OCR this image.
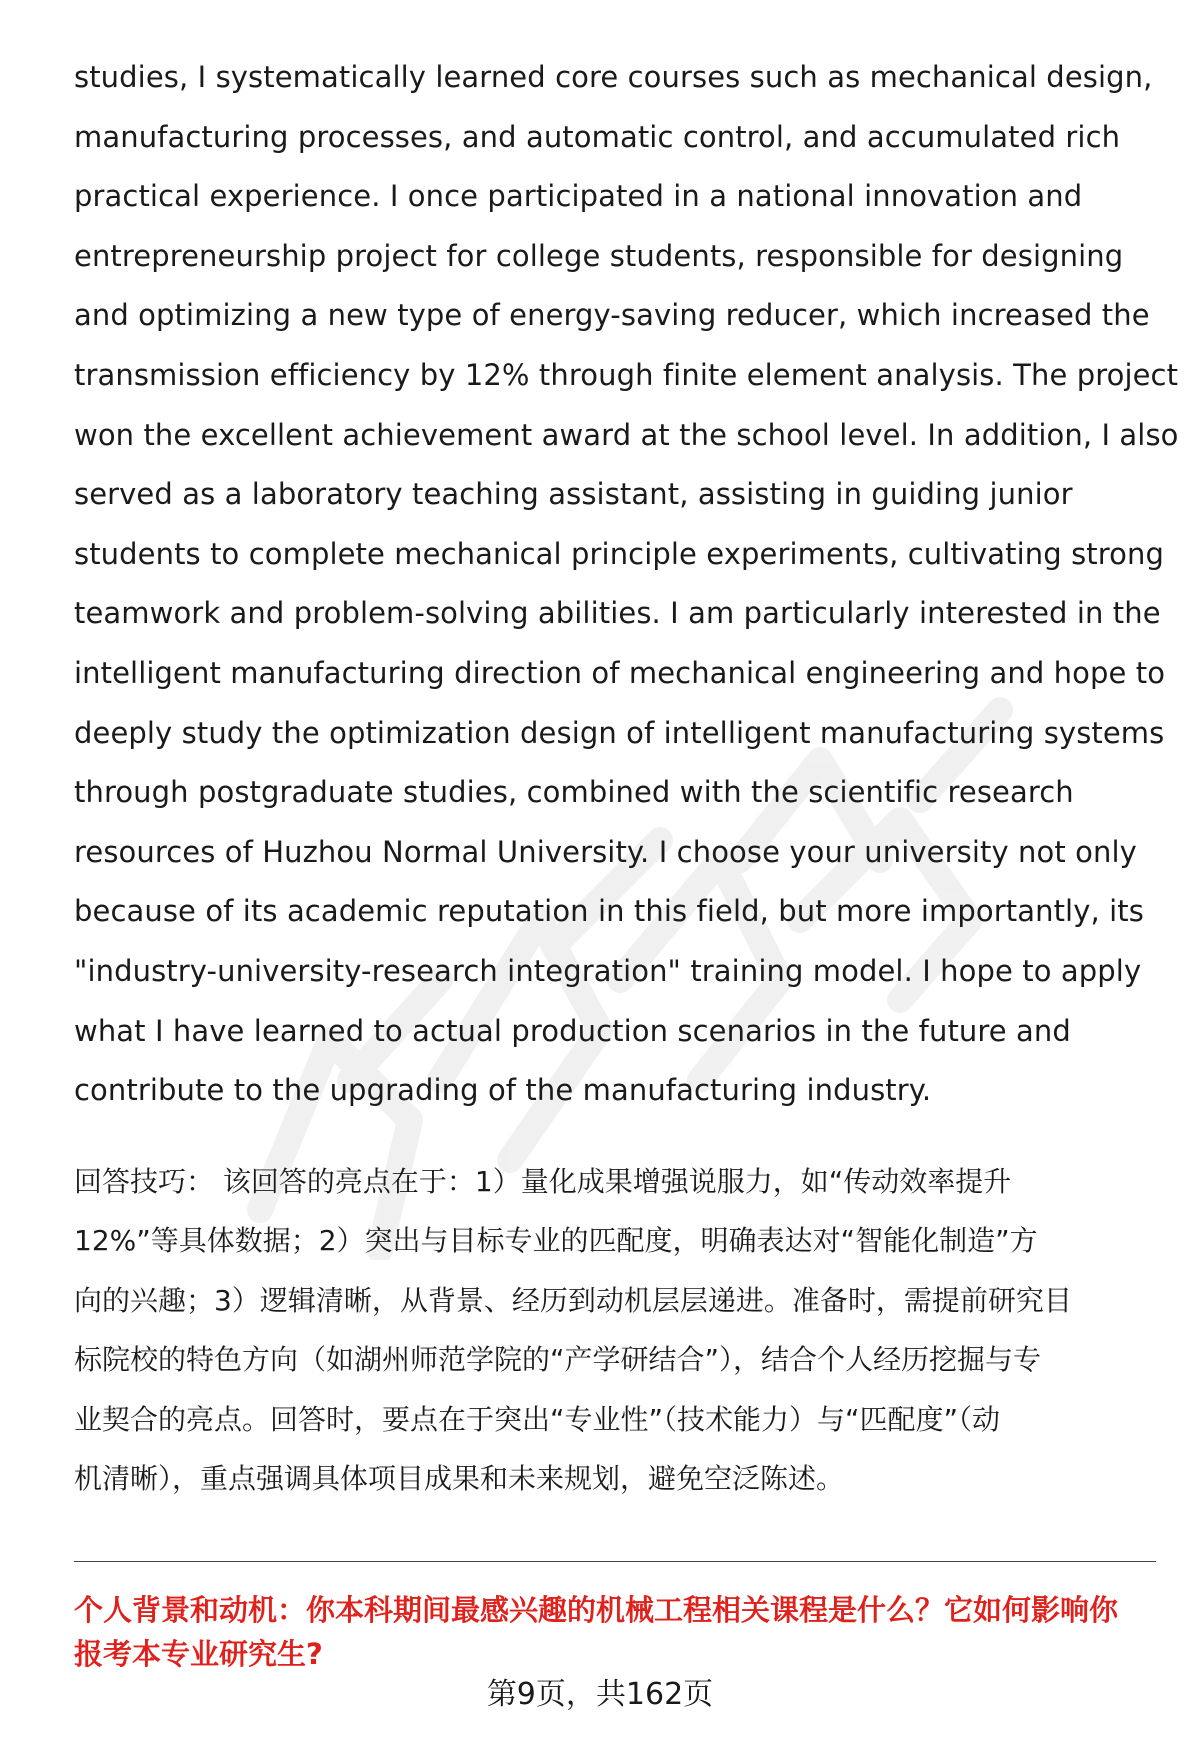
studies, I systematically learned core courses such as mechanical design,
manufacturing processes, and automatic control, and accumulated rich
practical experience. I once participated in a national innovation and
entrepreneurship project for college students, responsible for designing
and optimizing a new type of energy-saving reducer, which increased the
transmission efficiency by 12% through finite element analysis. The project
won the excellent achievement award at the school level. In addition, I also
served as a laboratory teaching assistant, assisting in guiding junior
students to complete mechanical principle experiments, cultivating strong
teamwork and problem-solving abilities. I am particularly interested in the
intelligent manufacturing direction of mechanical engineering and hope to
deeply study the optimization design of intelligent manufacturing systems
through postgraduate studies, combined with the scientific research
resources of Huzhou Normal University. I choose your university not only
because of its academic reputation in this field, but more importantly, its
"industry-university-research integration" training model. I hope to apply
what I have learned to actual production scenarios in the future and
contribute to the upgrading of the manufacturing industry.
回答技巧： 该回答的亮点在于：1）量化成果增强说服力，如“传动效率提升
12%”等具体数据；2）突出与目标专业的匹配度，明确表达对“智能化制造”方
向的兴趣；3）逻辑清晰，从背景、经历到动机层层递进。准备时，需提前研究目
标院校的特色方向（如湖州师范学院的“产学研结合”），结合个人经历挖掘与专
业契合的亮点。回答时，要点在于突出“专业性”（技术能力）与“匹配度”（动
机清晰），重点强调具体项目成果和未来规划，避免空泛陈述。
个人背景和动机：你本科期间最感兴趣的机械工程相关课程是什么？它如何影响你
报考本专业研究生?
第9页，共162页
